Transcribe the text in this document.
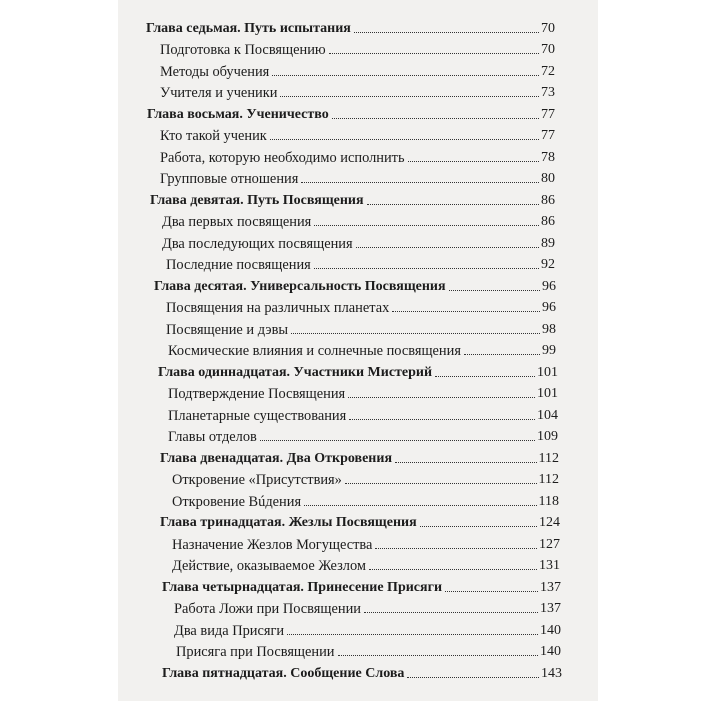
Глава седьмая. Путь испытания	70
Подготовка к Посвящению	70
Методы обучения	72
Учителя и ученики	73
Глава восьмая. Ученичество	77
Кто такой ученик	77
Работа, которую необходимо исполнить	78
Групповые отношения	80
Глава девятая. Путь Посвящения	86
Два первых посвящения	86
Два последующих посвящения	89
Последние посвящения	92
Глава десятая. Универсальность Посвящения	96
Посвящения на различных планетах	96
Посвящение и дэвы	98
Космические влияния и солнечные посвящения	99
Глава одиннадцатая. Участники Мистерий	101
Подтверждение Посвящения	101
Планетарные существования	104
Главы отделов	109
Глава двенадцатая. Два Откровения	112
Откровение «Присутствия»	112
Откровение Вúдения	118
Глава тринадцатая. Жезлы Посвящения	124
Назначение Жезлов Могущества	127
Действие, оказываемое Жезлом	131
Глава четырнадцатая. Принесение Присяги	137
Работа Ложи при Посвящении	137
Два вида Присяги	140
Присяга при Посвящении	140
Глава пятнадцатая. Сообщение Слова	143
